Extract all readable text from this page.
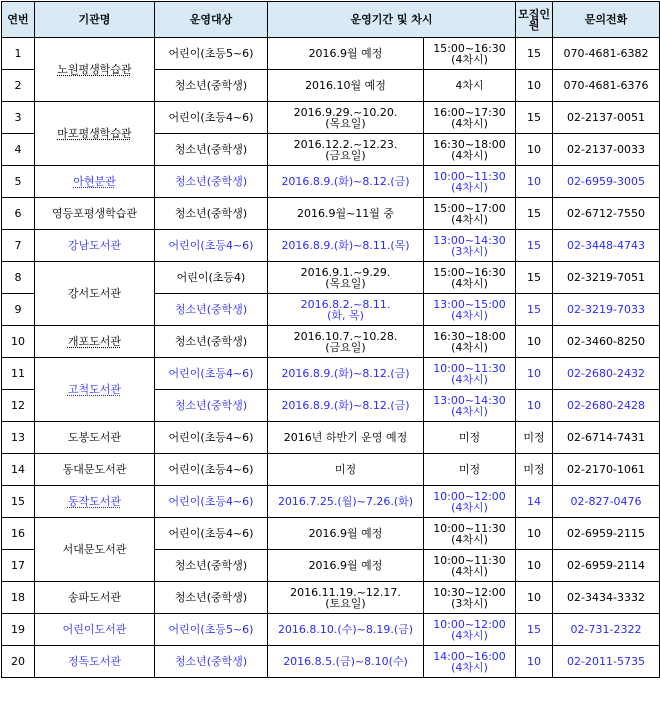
연번	기관명	운영대상	운영기간 및 차시		모집인원	문의전화
1	노원평생학습관	어린이(초등5~6)	2016.9월 예정	15:00~16:30
(4차시)	15	070-4681-6382
2		청소년(중학생)	2016.10월 예정	4차시	10	070-4681-6376
3	마포평생학습관	어린이(초등4~6)	2016.9.29.~10.20.
(목요일)	16:00~17:30
(4차시)	15	02-2137-0051
4		청소년(중학생)	2016.12.2.~12.23.
(금요일)	16:30~18:00
(4차시)	10	02-2137-0033
5	아현분관	청소년(중학생)	2016.8.9.(화)~8.12.(금)	10:00~11:30
(4차시)	10	02-6959-3005
6	영등포평생학습관	청소년(중학생)	2016.9월~11월 중	15:00~17:00
(4차시)	15	02-6712-7550
7	강남도서관	어린이(초등4~6)	2016.8.9.(화)~8.11.(목)	13:00~14:30
(3차시)	15	02-3448-4743
8	강서도서관	어린이(초등4)	2016.9.1.~9.29.
(목요일)	15:00~16:30
(4차시)	15	02-3219-7051
9		청소년(중학생)	2016.8.2.~8.11.
(화, 목)	13:00~15:00
(4차시)	15	02-3219-7033
10	개포도서관	청소년(중학생)	2016.10.7.~10.28.
(금요일)	16:30~18:00
(4차시)	10	02-3460-8250
11	고척도서관	어린이(초등4~6)	2016.8.9.(화)~8.12.(금)	10:00~11:30
(4차시)	10	02-2680-2432
12		청소년(중학생)	2016.8.9.(화)~8.12.(금)	13:00~14:30
(4차시)	10	02-2680-2428
13	도봉도서관	어린이(초등4~6)	2016년 하반기 운영 예정	미정	미정	02-6714-7431
14	동대문도서관	어린이(초등4~6)	미정	미정	미정	02-2170-1061
15	동작도서관	어린이(초등4~6)	2016.7.25.(월)~7.26.(화)	10:00~12:00
(4차시)	14	02-827-0476
16	서대문도서관	어린이(초등4~6)	2016.9월 예정	10:00~11:30
(4차시)	10	02-6959-2115
17		청소년(중학생)	2016.9월 예정	10:00~11:30
(4차시)	10	02-6959-2114
18	송파도서관	청소년(중학생)	2016.11.19.~12.17.
(토요일)	10:30~12:00
(3차시)	10	02-3434-3332
19	어린이도서관	어린이(초등5~6)	2016.8.10.(수)~8.19.(금)	10:00~12:00
(4차시)	15	02-731-2322
20	정독도서관	청소년(중학생)	2016.8.5.(금)~8.10(수)	14:00~16:00
(4차시)	10	02-2011-5735
